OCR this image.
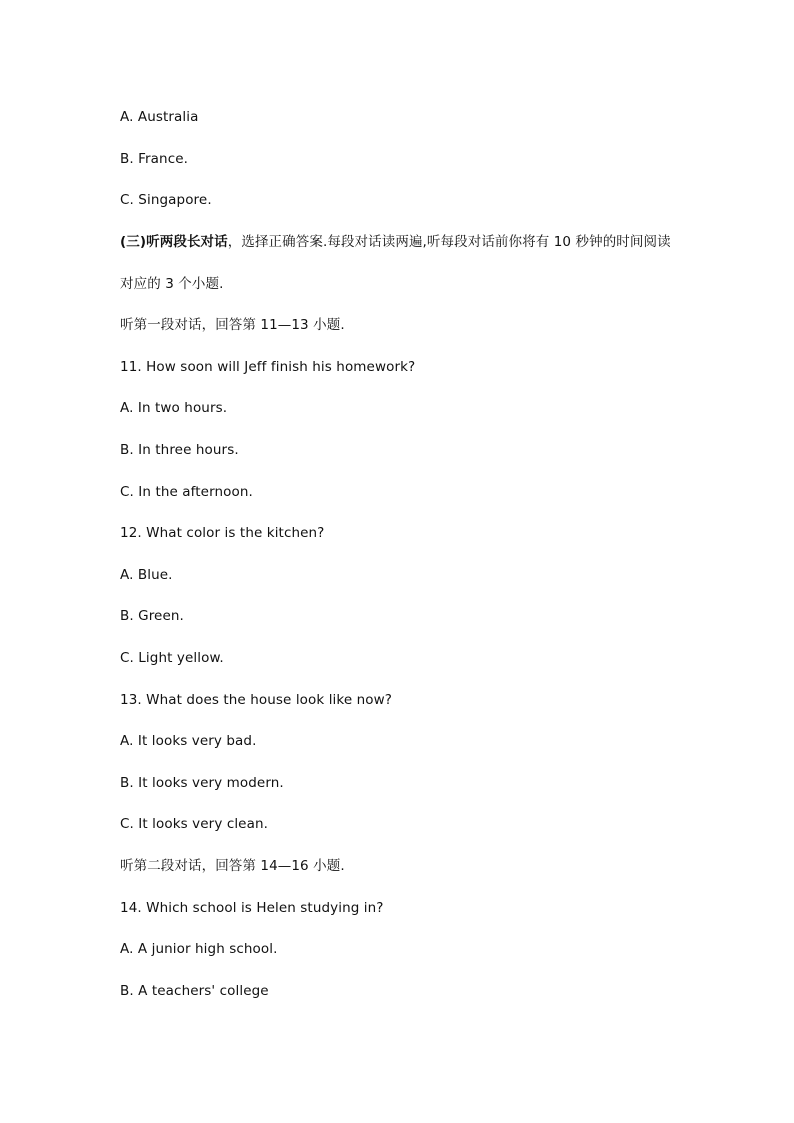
A. Australia
B. France.
C. Singapore.
(三)听两段长对话，选择正确答案.每段对话读两遍,听每段对话前你将有 10 秒钟的时间阅读
对应的 3 个小题.
听第一段对话，回答第 11—13 小题.
11. How soon will Jeff finish his homework?
A. In two hours.
B. In three hours.
C. In the afternoon.
12. What color is the kitchen?
A. Blue.
B. Green.
C. Light yellow.
13. What does the house look like now?
A. It looks very bad.
B. It looks very modern.
C. It looks very clean.
听第二段对话，回答第 14—16 小题.
14. Which school is Helen studying in?
A. A junior high school.
B. A teachers' college
